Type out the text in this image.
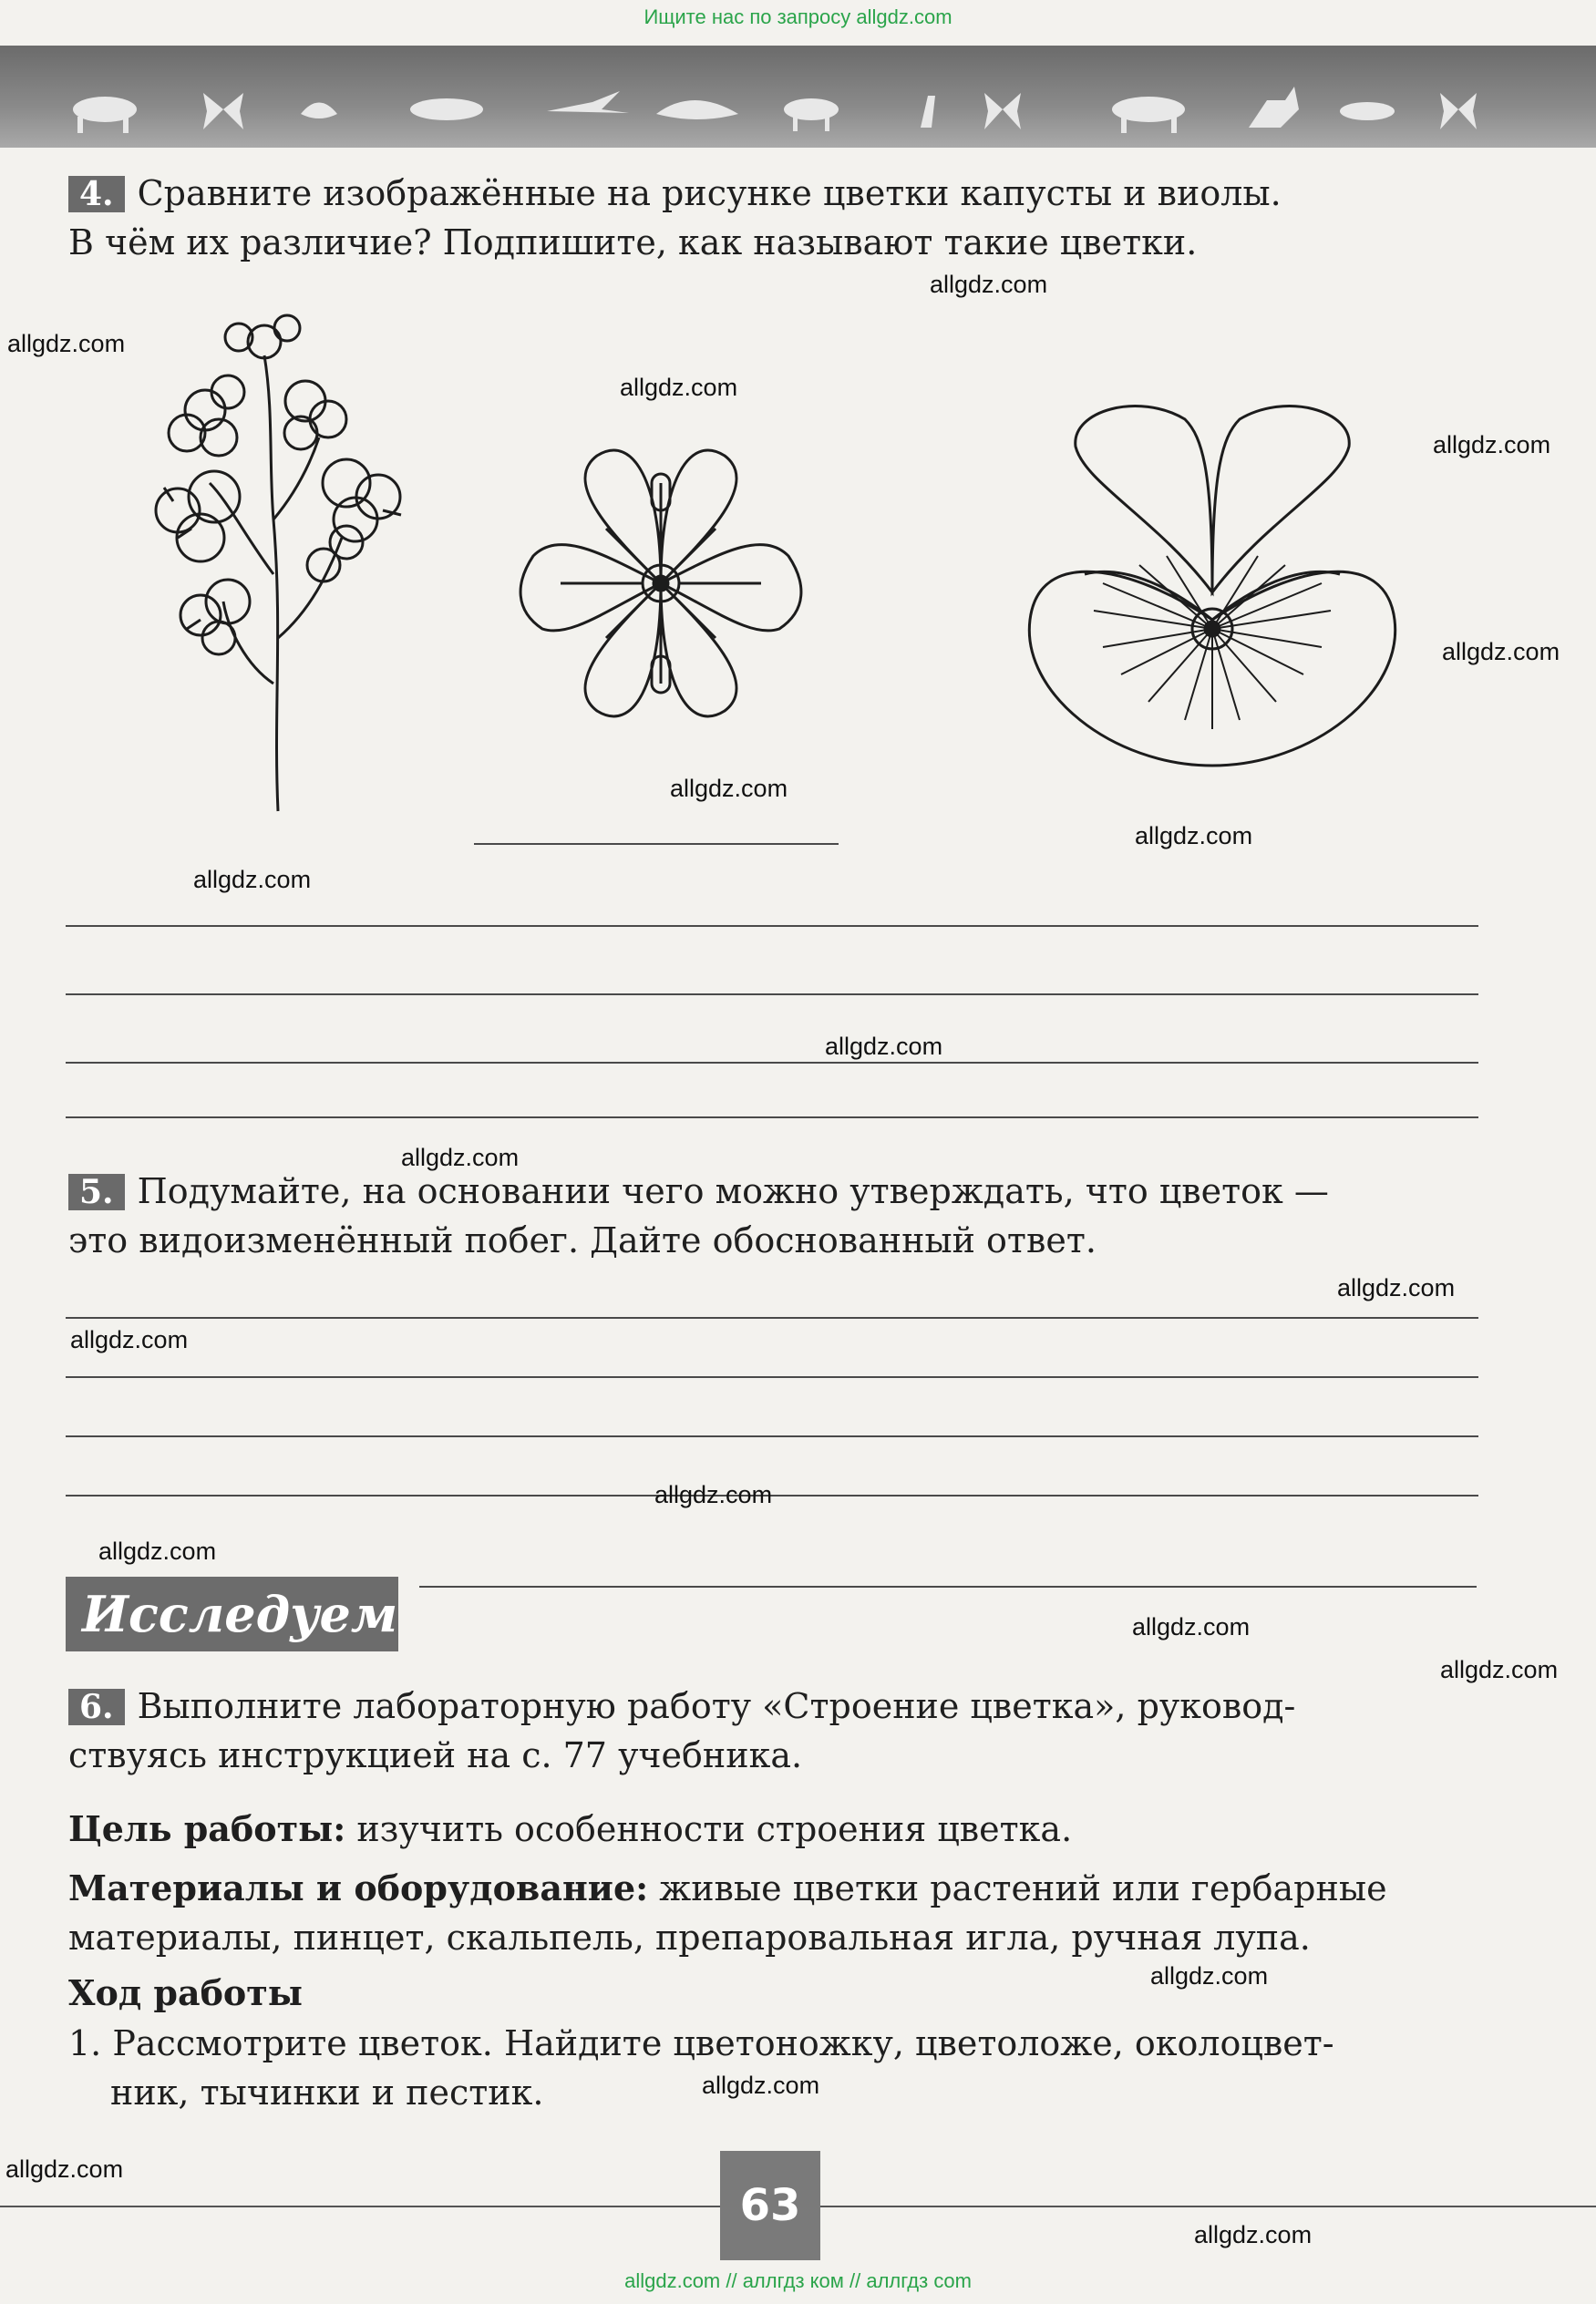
Ищите нас по запросу allgdz.com
4. Сравните изображённые на рисунке цветки капусты и виолы.
В чём их различие? Подпишите, как называют такие цветки.
5. Подумайте, на основании чего можно утверждать, что цветок —
это видоизменённый побег. Дайте обоснованный ответ.
Исследуем
6. Выполните лабораторную работу «Строение цветка», руковод-
ствуясь инструкцией на с. 77 учебника.
Цель работы: изучить особенности строения цветка.
Материалы и оборудование: живые цветки растений или гербарные
материалы, пинцет, скальпель, препаровальная игла, ручная лупа.
Ход работы
1. Рассмотрите цветок. Найдите цветоножку, цветоложе, околоцвет-
ник, тычинки и пестик.
allgdz.com
allgdz.com
allgdz.com
allgdz.com
allgdz.com
allgdz.com
allgdz.com
allgdz.com
allgdz.com
allgdz.com
allgdz.com
allgdz.com
allgdz.com
allgdz.com
allgdz.com
allgdz.com
allgdz.com
allgdz.com
allgdz.com
allgdz.com
63
allgdz.com // аллгдз ком // аллгдз com
